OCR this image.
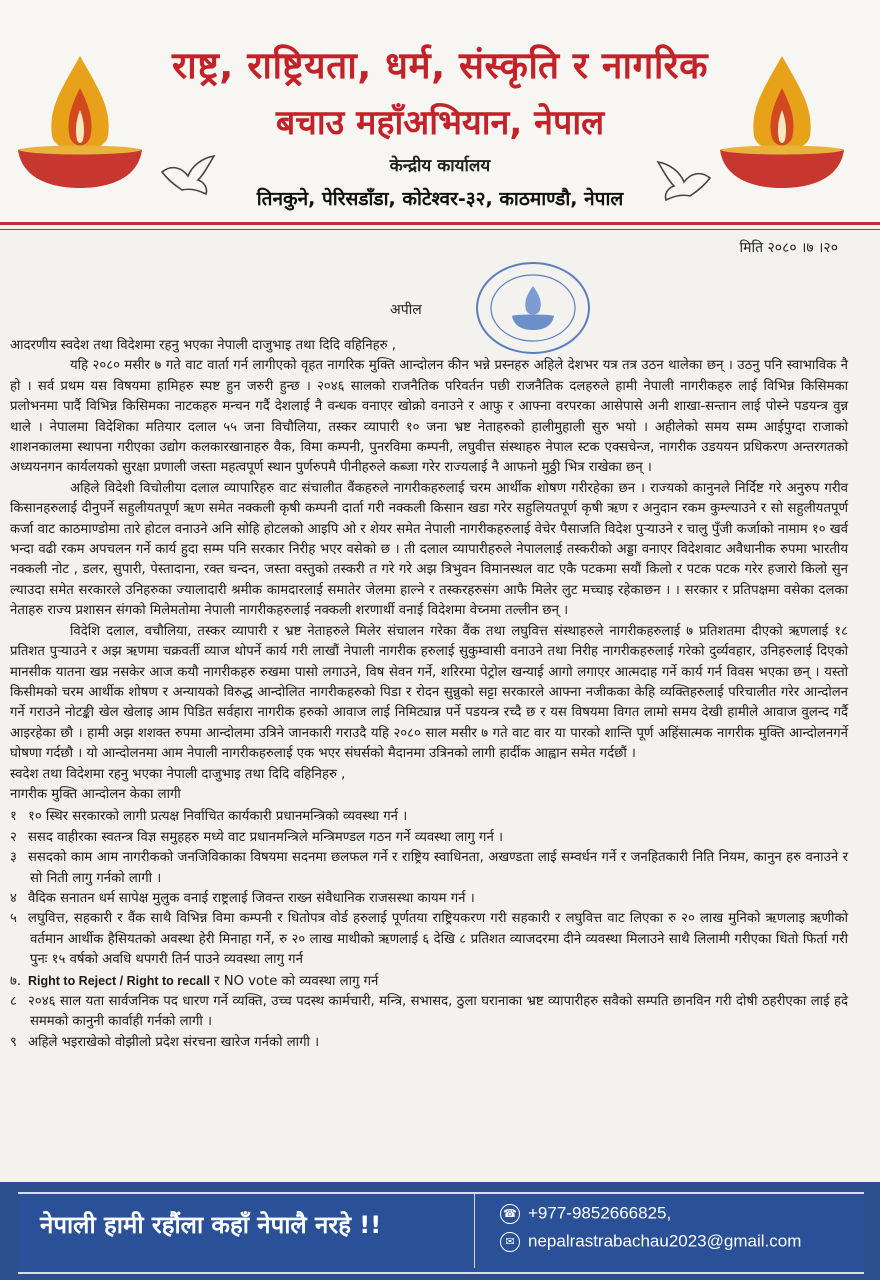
राष्ट्र, राष्ट्रियता, धर्म, संस्कृति र नागरिक
बचाउ महाँअभियान, नेपाल
केन्द्रीय कार्यालय
तिनकुने, पेरिसडाँडा, कोटेश्वर-३२, काठमाण्डौ, नेपाल
मिति २०८० ।७ ।२०
अपील

आदरणीय स्वदेश तथा विदेशमा रहनु भएका नेपाली दाजुभाइ तथा दिदि वहिनिहरु ,

यहि २०८० मसीर ७ गते वाट वार्ता गर्न लागीएको वृहत नागरिक मुक्ति आन्दोलन कीन भन्ने प्रस्नहरु अहिले देशभर यत्र तत्र उठन थालेका छन् । उठनु पनि स्वाभाविक नै हो । सर्व प्रथम यस विषयमा हामिहरु स्पष्ट हुन जरुरी हुन्छ । २०४६ सालको राजनैतिक परिवर्तन पछी राजनैतिक दलहरुले हामी नेपाली नागरीकहरु लाई विभिन्न किसिमका प्रलोभनमा पार्दै विभिन्न किसिमका नाटकहरु मन्चन गर्दै देशलाई नै वन्धक वनाएर खोक्रो वनाउने र आफु र आफ्ना वरपरका आसेपासे अनी शाखा-सन्तान लाई पोस्ने पडयन्त्र वुन्न थाले । नेपालमा विदेशिका मतियार दलाल ५५ जना विचौलिया, तस्कर व्यापारी १० जना भ्रष्ट नेताहरुको हालीमुहाली सुरु भयो । अहीलेको समय सम्म आईपुग्दा राजाको शाशनकालमा स्थापना गरीएका उद्योग कलकारखानाहरु वैक, विमा कम्पनी, पुनरविमा कम्पनी, लघुवीत्त संस्थाहरु नेपाल स्टक एक्सचेन्ज, नागरीक उडययन प्रधिकरण अन्तरगतको अध्ययनगन कार्यलयको सुरक्षा प्रणाली जस्ता महत्वपूर्ण स्थान पुर्णरुपमै पीनीहरुले कब्जा गरेर राज्यलाई नै आफनो मुठ्ठी भित्र राखेका छन् ।

अहिले विदेशी विचोलीया दलाल व्यापारिहरु वाट संचालीत वैंकहरुले नागरीकहरुलाई चरम आर्थीक शोषण गरीरहेका छन । राज्यको कानुनले निर्दिष्ट गरे अनुरुप गरीव किसानहरुलाई दीनुपर्ने सहुलीयतपूर्ण ऋण समेत नक्कली कृषी कम्पनी दार्ता गरी नक्कली किसान खडा गरेर सहुलियतपूर्ण कृषी ऋण र अनुदान रकम कुम्ल्याउने र सो सहुलीयतपूर्ण कर्जा वाट काठमाण्डोमा तारे होटल वनाउने अनि सोहि होटलको आइपि ओ र शेयर समेत नेपाली नागरीकहरुलाई वेचेर पैसाजति विदेश पुऱ्याउने र चालु पुँजी कर्जाको नामाम १० खर्व भन्दा वढी रकम अपचलन गर्ने कार्य हुदा सम्म पनि सरकार निरीह भएर वसेको छ । ती दलाल व्यापारीहरुले नेपाललाई तस्करीको अड्डा वनाएर विदेशवाट अवैधानीक रुपमा भारतीय नक्कली नोट , डलर, सुपारी, पेस्तादाना, रक्त चन्दन, जस्ता वस्तुको तस्करी त गरे गरे अझ त्रिभुवन विमानस्थल वाट एकै पटकमा सयौं किलो र पटक पटक गरेर हजारो किलो सुन ल्याउदा समेत सरकारले उनिहरुका ज्यालादारी श्रमीक कामदारलाई समातेर जेलमा हाल्ने र तस्करहरुसंग आफै मिलेर लुट मच्चाइ रहेकाछन । । सरकार र प्रतिपक्षमा वसेका दलका नेताहरु राज्य प्रशासन संगको मिलेमतोमा नेपाली नागरीकहरुलाई नक्कली शरणार्थी वनाई विदेशमा वेच्नमा तल्लीन छन् ।

विदेशि दलाल, वचौलिया, तस्कर व्यापारी र भ्रष्ट नेताहरुले मिलेर संचालन गरेका वैंक तथा लघुवित्त संस्थाहरुले नागरीकहरुलाई ७ प्रतिशतमा दीएको ऋणलाई १८ प्रतिशत पुऱ्याउने र अझ ऋणमा चक्रवर्ती व्याज थोपर्ने कार्य गरी लाखौं नेपाली नागरीक हरुलाई सुकुम्वासी वनाउने तथा निरीह नागरीकहरुलाई गरेको दुर्व्यवहार, उनिहरुलाई दिएको मानसीक यातना खप्न नसकेर आज कयौ नागरीकहरु रुखमा पासो लगाउने, विष सेवन गर्ने, शरिरमा पेट्रोल खन्याई आगो लगाएर आत्मदाह गर्ने कार्य गर्न विवस भएका छन् । यस्तो किसीमको चरम आर्थीक शोषण र अन्यायको विरुद्ध आन्दोलित नागरीकहरुको पिडा र रोदन सुन्नुको सट्टा सरकारले आफ्ना नजीकका केहि व्यक्तिहरुलाई परिचालीत गरेर आन्दोलन गर्ने गराउने नोटङ्की खेल खेलाइ आम पिडित सर्वहारा नागरीक हरुको आवाज लाई निमिट्यान्न पर्ने पडयन्त्र रच्दै छ र यस विषयमा विगत लामो समय देखी हामीले आवाज वुलन्द गर्दै आइरहेका छौ । हामी अझ शशक्त रुपमा आन्दोलमा उत्रिने जानकारी गराउदै यहि २०८० साल मसीर ७ गते वाट वार या पारको शान्ति पूर्ण अहिंसात्मक नागरीक मुक्ति आन्दोलनगर्ने घोषणा गर्दछौ । यो आन्दोलनमा आम नेपाली नागरीकहरुलाई एक भएर संघर्सको मैदानमा उत्रिनको लागी हार्दीक आह्वान समेत गर्दछौं ।

स्वदेश तथा विदेशमा रहनु भएका नेपाली दाजुभाइ तथा दिदि वहिनिहरु ,

नागरीक मुक्ति आन्दोलन केका लागी

१ १० स्थिर सरकारको लागी प्रत्यक्ष निर्वाचित कार्यकारी प्रधानमन्त्रिको व्यवस्था गर्न ।
२ ससद वाहीरका स्वतन्त्र विज्ञ समुहहरु मध्ये वाट प्रधानमन्त्रिले मन्त्रिमण्डल गठन गर्ने व्यवस्था लागु गर्न ।
३ ससदको काम आम नागरीकको जनजिविकाका विषयमा सदनमा छलफल गर्ने र राष्ट्रिय स्वाधिनता, अखण्डता लाई सम्वर्धन गर्ने र जनहितकारी निति नियम, कानुन हरु वनाउने र सो निती लागु गर्नको लागी ।
४ वैदिक सनातन धर्म सापेक्ष मुलुक वनाई राष्ट्रलाई जिवन्त राख्न संवैधानिक राजसस्था कायम गर्न ।
५ लघुवित्त, सहकारी र वैंक साथै विभिन्न विमा कम्पनी र धितोपत्र वोर्ड हरुलाई पूर्णतया राष्ट्रियकरण गरी सहकारी र लघुवित्त वाट लिएका रु २० लाख मुनिको ऋणलाइ ऋणीको वर्तमान आर्थीक हैसियतको अवस्था हेरी मिनाहा गर्ने, रु २० लाख माथीको ऋणलाई ६ देखि ८ प्रतिशत व्याजदरमा दीने व्यवस्था मिलाउने साथै लिलामी गरीएका धितो फिर्ता गरी पुनः १५ वर्षको अवधि थपगरी तिर्न पाउने व्यवस्था लागु गर्न
७. Right to Reject / Right to recall र NO vote को व्यवस्था लागु गर्न
८ २०४६ साल यता सार्वजनिक पद धारण गर्ने व्यक्ति, उच्च पदस्थ कार्मचारी, मन्त्रि, सभासद, ठुला घरानाका भ्रष्ट व्यापारीहरु सवैको सम्पति छानविन गरी दोषी ठहरीएका लाई हदे सममको कानुनी कार्वाही गर्नको लागी ।
९ अहिले भइराखेको वोझीलो प्रदेश संरचना खारेज गर्नको लागी ।
नेपाली हामी रहौंला कहाँ नेपालै नरहे !!	☎ +977-9852666825,
✉ nepalrastrabachau2023@gmail.com
